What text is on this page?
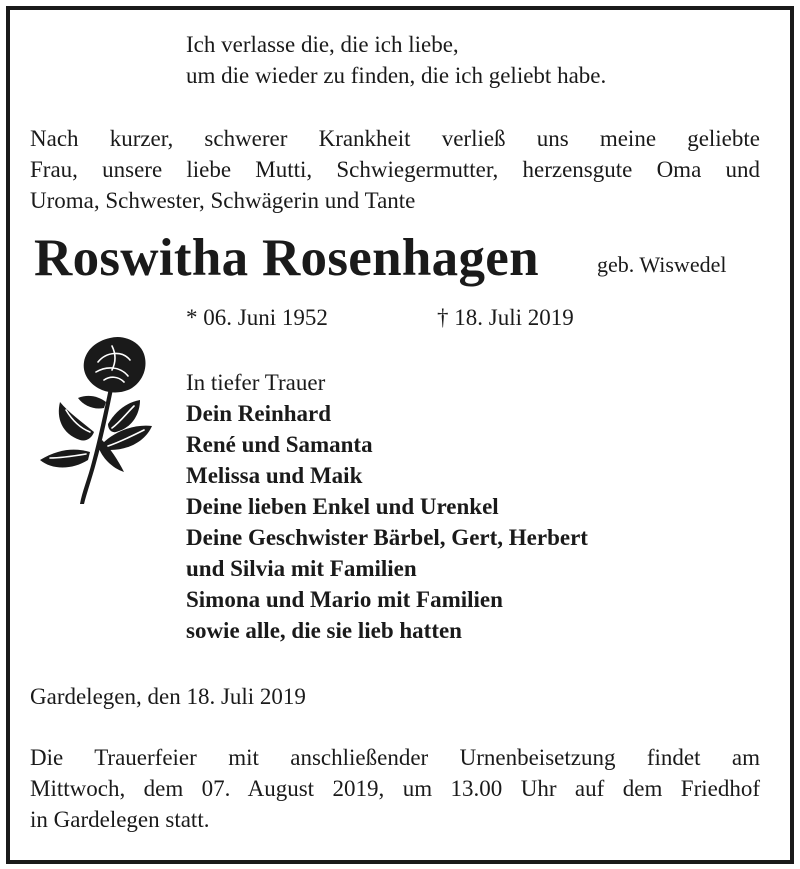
Ich verlasse die, die ich liebe,
um die wieder zu finden, die ich geliebt habe.
Nach kurzer, schwerer Krankheit verließ uns meine geliebte
Frau, unsere liebe Mutti, Schwiegermutter, herzensgute Oma und
Uroma, Schwester, Schwägerin und Tante
Roswitha Rosenhagen	geb. Wiswedel
* 06. Juni 1952	† 18. Juli 2019
In tiefer Trauer
Dein Reinhard
René und Samanta
Melissa und Maik
Deine lieben Enkel und Urenkel
Deine Geschwister Bärbel, Gert, Herbert
und Silvia mit Familien
Simona und Mario mit Familien
sowie alle, die sie lieb hatten
Gardelegen, den 18. Juli 2019
Die Trauerfeier mit anschließender Urnenbeisetzung findet am
Mittwoch, dem 07. August 2019, um 13.00 Uhr auf dem Friedhof
in Gardelegen statt.
